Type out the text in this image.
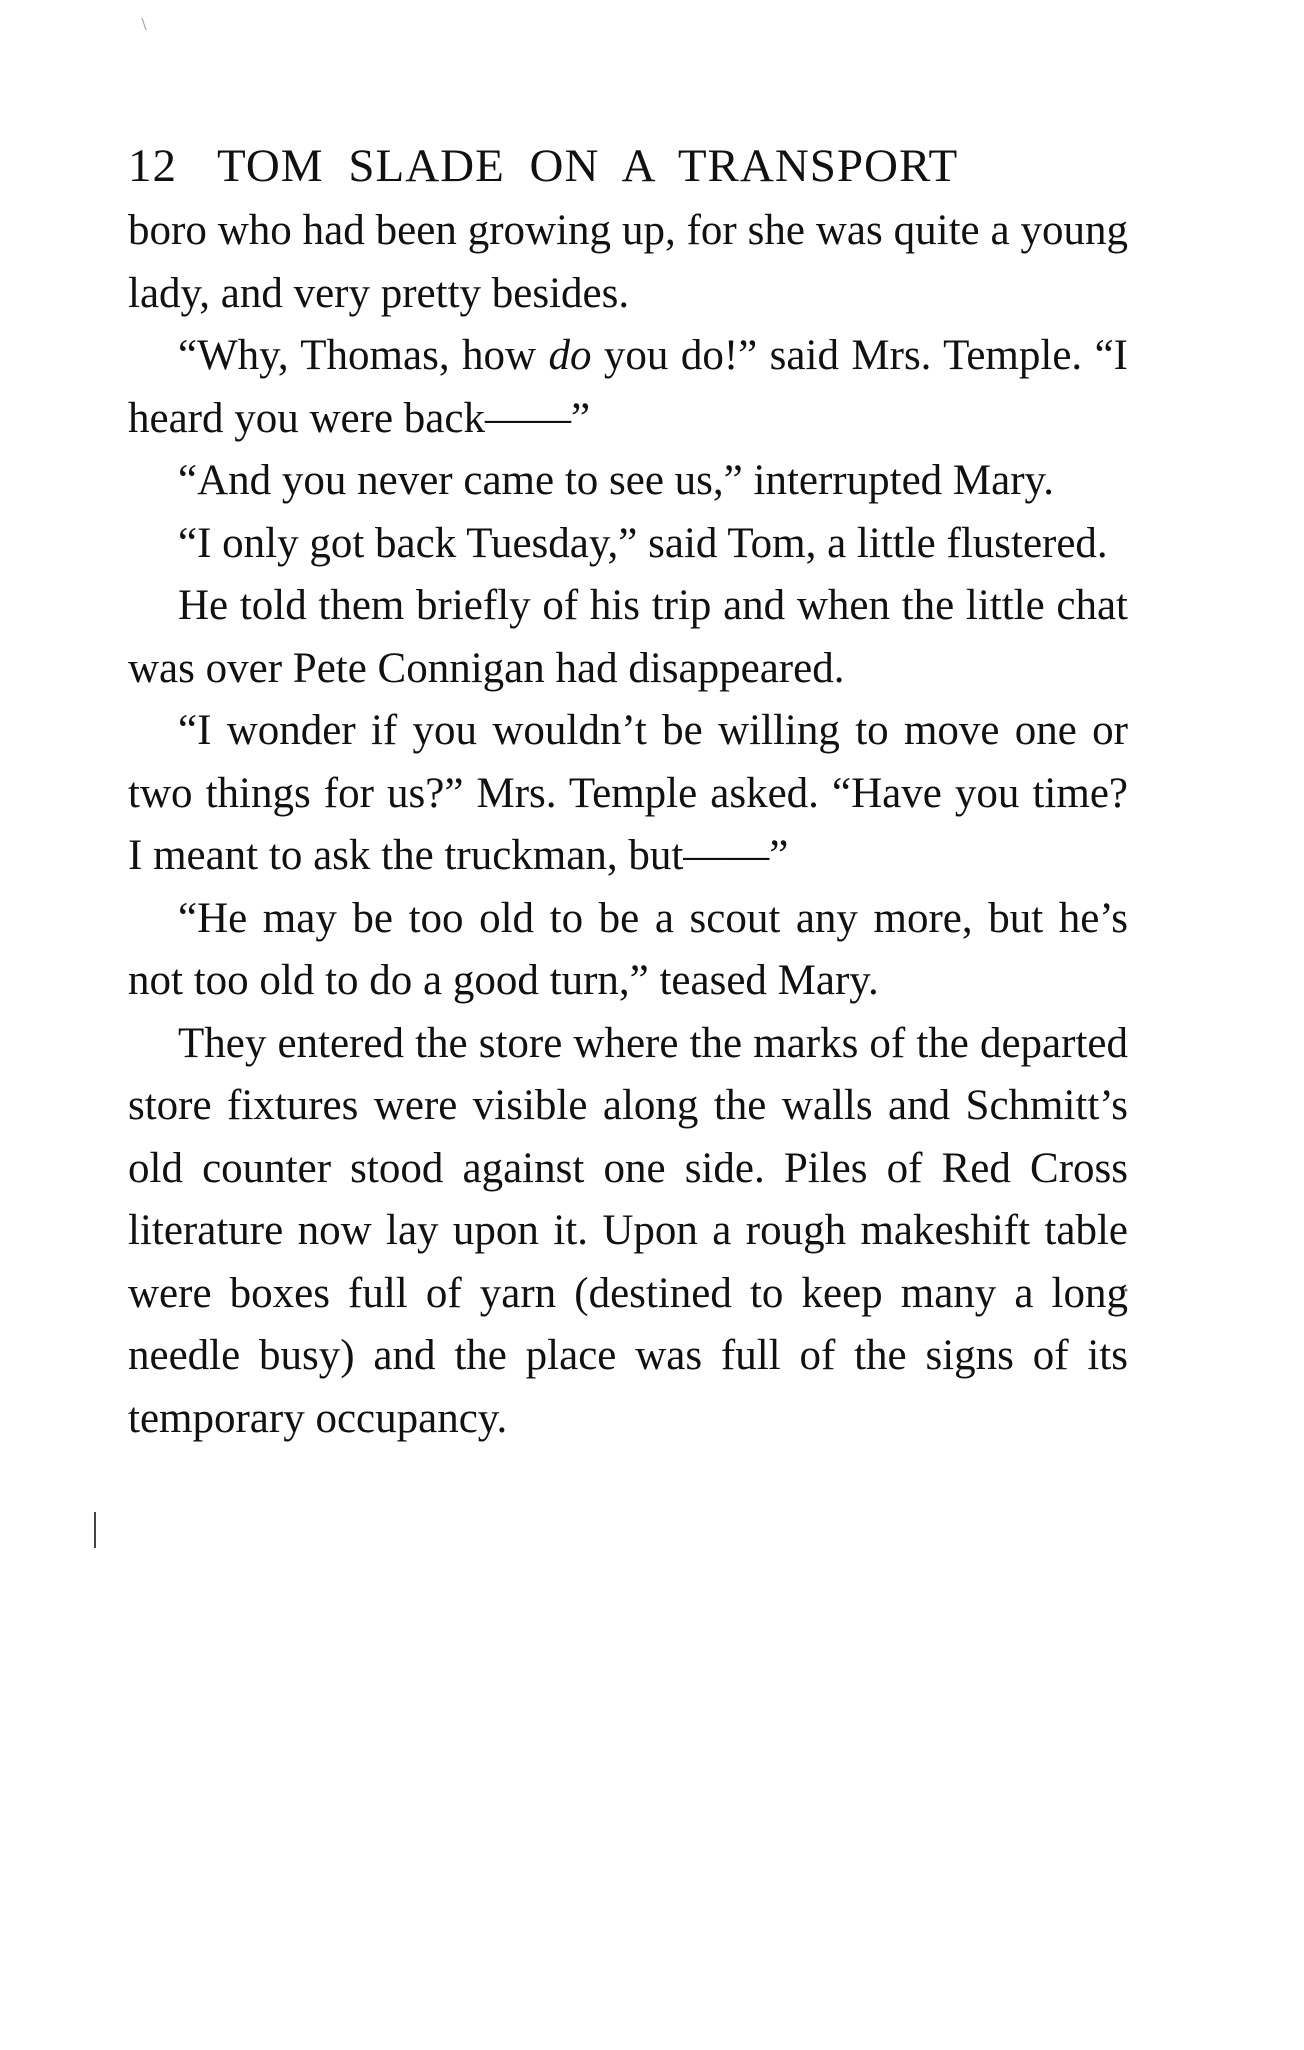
12 TOM SLADE ON A TRANSPORT

boro who had been growing up, for she was quite a young lady, and very pretty besides.

“Why, Thomas, how do you do!” said Mrs. Temple. “I heard you were back——”

“And you never came to see us,” interrupted Mary.

“I only got back Tuesday,” said Tom, a little flustered.

He told them briefly of his trip and when the little chat was over Pete Connigan had disappeared.

“I wonder if you wouldn’t be willing to move one or two things for us?” Mrs. Temple asked. “Have you time? I meant to ask the truckman, but——”

“He may be too old to be a scout any more, but he’s not too old to do a good turn,” teased Mary.

They entered the store where the marks of the departed store fixtures were visible along the walls and Schmitt’s old counter stood against one side. Piles of Red Cross literature now lay upon it. Upon a rough makeshift table were boxes full of yarn (destined to keep many a long needle busy) and the place was full of the signs of its temporary occupancy.
